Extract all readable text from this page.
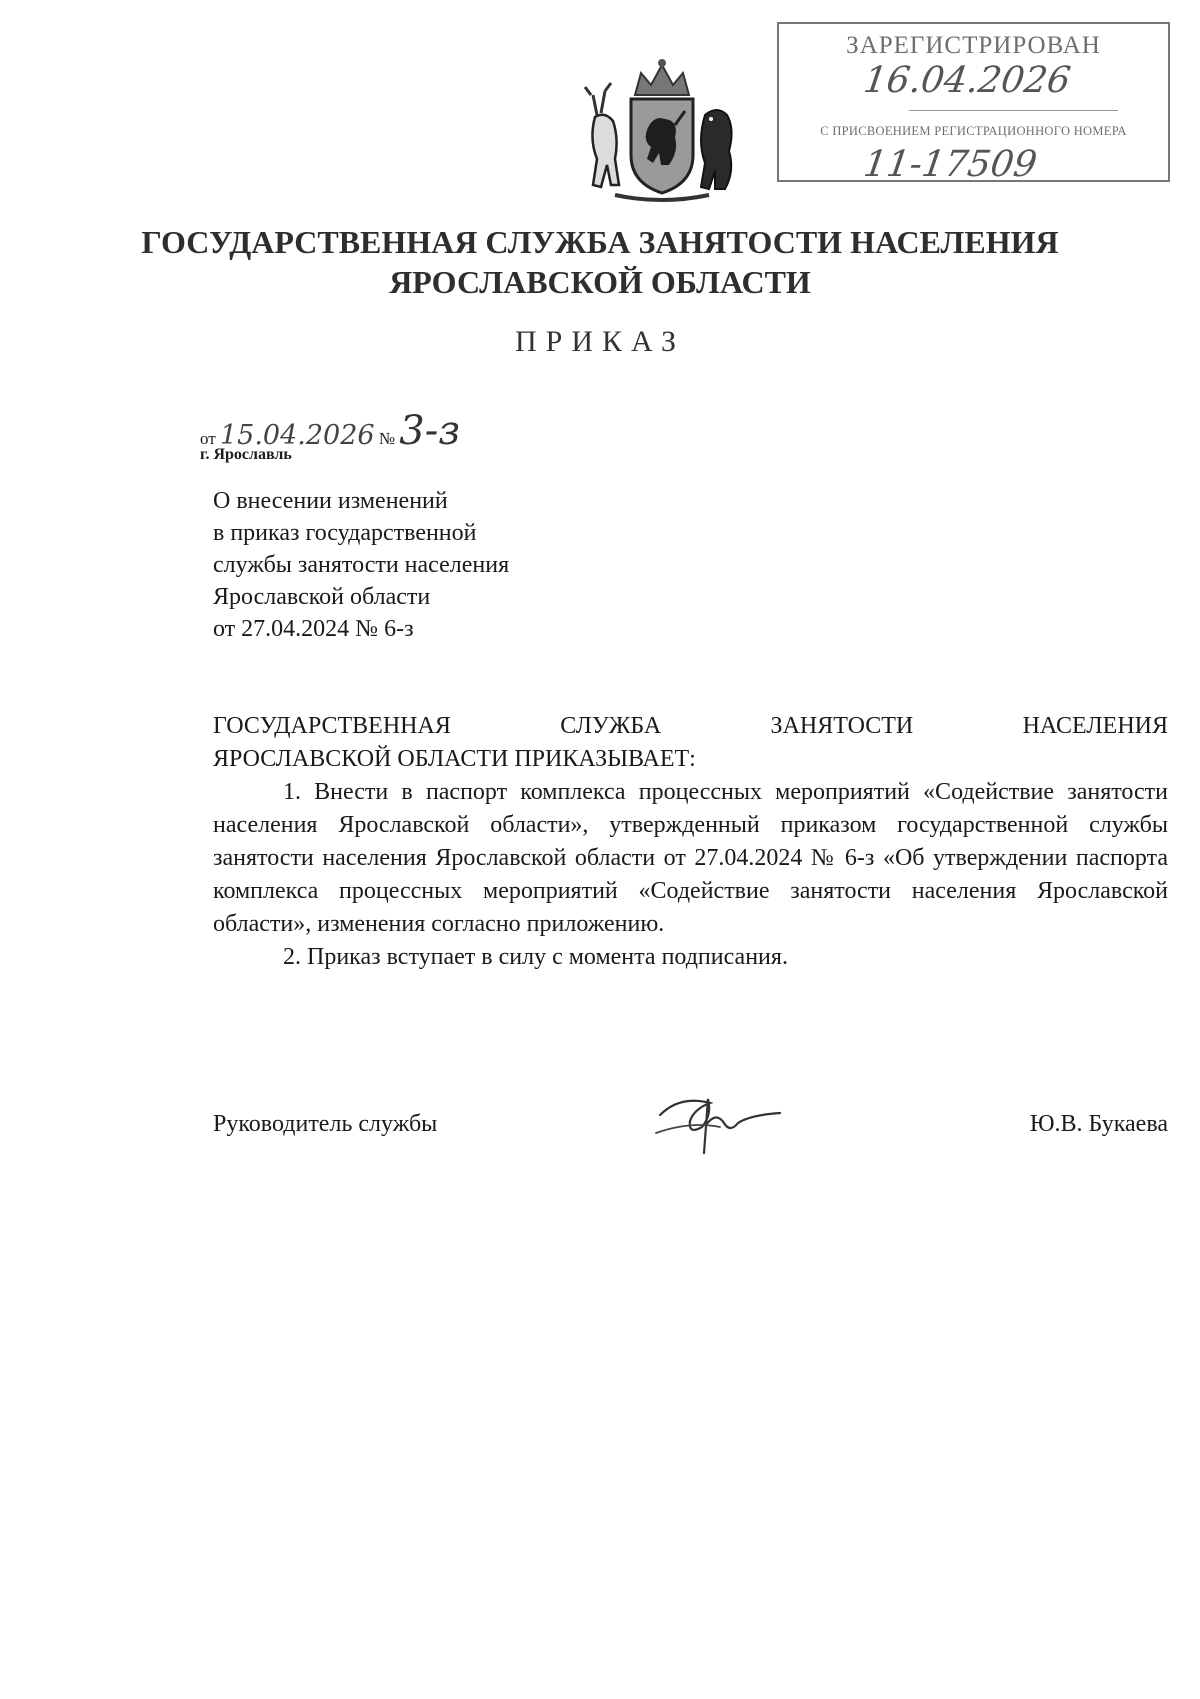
ЗАРЕГИСТРИРОВАН
16.04.2026
С ПРИСВОЕНИЕМ РЕГИСТРАЦИОННОГО НОМЕРА
11-17509
ГОСУДАРСТВЕННАЯ СЛУЖБА ЗАНЯТОСТИ НАСЕЛЕНИЯ
ЯРОСЛАВСКОЙ ОБЛАСТИ
ПРИКАЗ
от 15.04.2026 № 3-з
г. Ярославль
О внесении изменений
в приказ государственной
службы занятости населения
Ярославской области
от 27.04.2024 № 6-з
ГОСУДАРСТВЕННАЯ СЛУЖБА ЗАНЯТОСТИ НАСЕЛЕНИЯ
ЯРОСЛАВСКОЙ ОБЛАСТИ ПРИКАЗЫВАЕТ:
1. Внести в паспорт комплекса процессных мероприятий «Содействие занятости населения Ярославской области», утвержденный приказом государственной службы занятости населения Ярославской области от 27.04.2024 № 6-з «Об утверждении паспорта комплекса процессных мероприятий «Содействие занятости населения Ярославской области», изменения согласно приложению.
2. Приказ вступает в силу с момента подписания.
Руководитель службы	Ю.В. Букаева
